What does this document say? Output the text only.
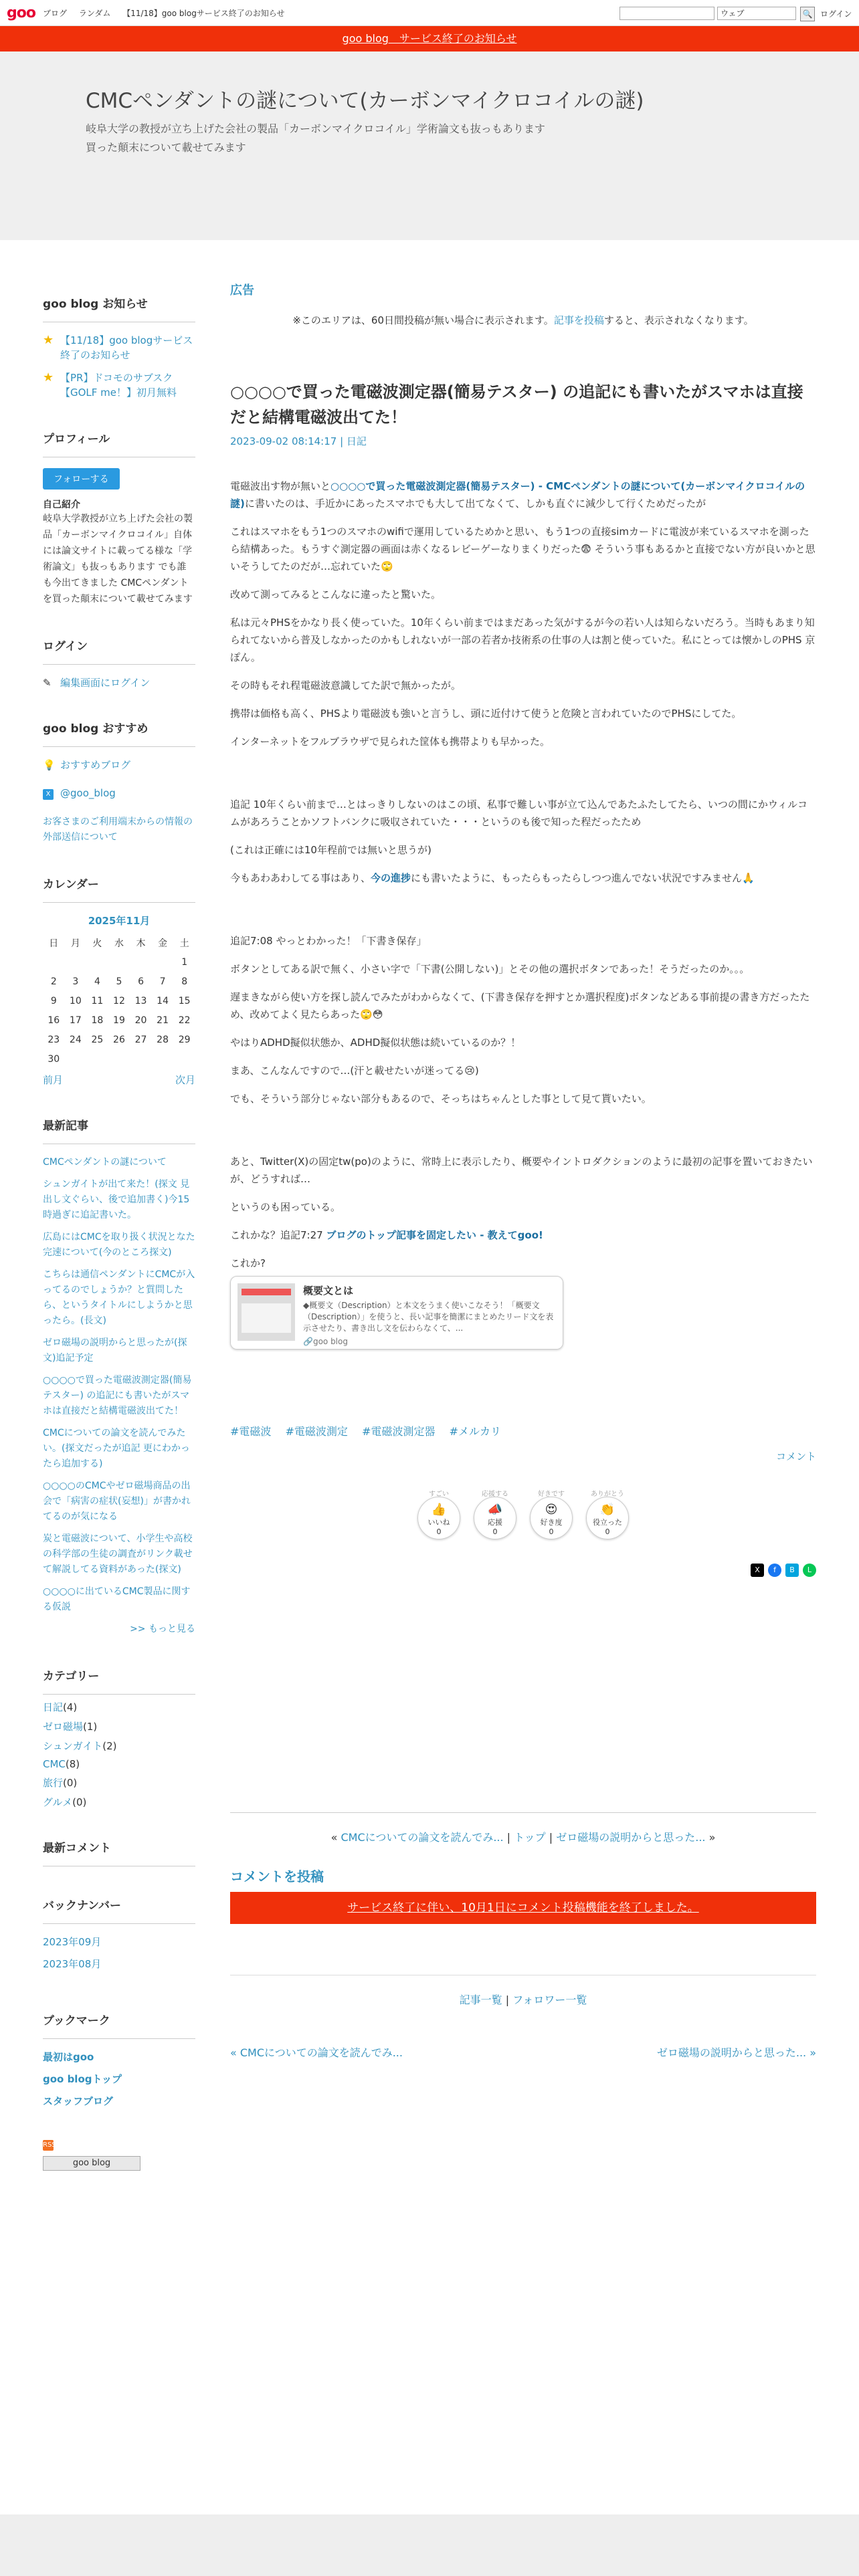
goo ブログ ランダム 【11/18】goo blogサービス終了のお知らせ	ウェブ	🔍 ログイン
goo blog　サービス終了のお知らせ
CMCペンダントの謎について(カーボンマイクロコイルの謎)
岐阜大学の教授が立ち上げた会社の製品「カーボンマイクロコイル」学術論文も抜っもあります
買った顛末について載せてみます
goo blog お知らせ
★ 【11/18】goo blogサービス終了のお知らせ
★ 【PR】ドコモのサブスク【GOLF me！】初月無料
プロフィール
フォローする
自己紹介
岐阜大学教授が立ち上げた会社の製品「カーボンマイクロコイル」自体には論文サイトに載ってる様な「学術論文」も抜っもあります でも誰も今出てきました CMCペンダントを買った顛末について載せてみます
ログイン
✎ 編集画面にログイン
goo blog おすすめ
💡 おすすめブログ
X @goo_blog
お客さまのご利用端末からの情報の外部送信について
カレンダー
2025年11月
日	月	火	水	木	金	土
						1
2	3	4	5	6	7	8
9	10	11	12	13	14	15
16	17	18	19	20	21	22
23	24	25	26	27	28	29
30						
前月	次月
最新記事
CMCペンダントの謎について
シュンガイトが出て来た！(探文 見出し文ぐらい、後で追加書く)今15時過ぎに追記書いた。
広島にはCMCを取り扱く状況となた完速について(今のところ探文)
こちらは通信ペンダントにCMCが入ってるのでしょうか？と質問したら、というタイトルにしようかと思ったら。(長文)
ゼロ磁場の説明からと思ったが(探文)追記予定
○○○○で買った電磁波測定器(簡易テスター) の追記にも書いたがスマホは直接だと結構電磁波出てた！
CMCについての論文を読んでみたい。(探文だったが追記 更にわかったら追加する)
○○○○のCMCやゼロ磁場商品の出会で「病害の症状(妄想)」が書かれてるのが気になる
炭と電磁波について、小学生や高校の科学部の生徒の調査がリンク載せて解説してる資料があった(探文)
○○○○に出ているCMC製品に関する仮説
>> もっと見る
カテゴリー
日記(4)
ゼロ磁場(1)
シュンガイト(2)
CMC(8)
旅行(0)
グルメ(0)
最新コメント
バックナンバー
2023年09月
2023年08月
ブックマーク
最初はgoo
goo blogトップ
スタッフブログ
RSS
goo blog
広告
※このエリアは、60日間投稿が無い場合に表示されます。記事を投稿すると、表示されなくなります。
○○○○で買った電磁波測定器(簡易テスター) の追記にも書いたがスマホは直接だと結構電磁波出てた！
2023-09-02 08:14:17 | 日記

電磁波出す物が無いと○○○○で買った電磁波測定器(簡易テスター) - CMCペンダントの謎について(カーボンマイクロコイルの謎)に書いたのは、手近かにあったスマホでも大して出てなくて、しかも直ぐに減少して行くためだったが

これはスマホをもう1つのスマホのwifiで運用しているためかと思い、もう1つの直接simカードに電波が来ているスマホを測ったら結構あった。もうすぐ測定器の画面は赤くなるレビーゲーなりまくりだった😨 そういう事もあるかと直接でない方が良いかと思いそうしてたのだが…忘れていた🙄

改めて測ってみるとこんなに違ったと驚いた。

私は元々PHSをかなり長く使っていた。10年くらい前まではまだあった気がするが今の若い人は知らないだろう。当時もあまり知られてないから普及しなかったのかもしれないが一部の若者か技術系の仕事の人は割と使っていた。私にとっては懐かしのPHS 京ぽん。

その時もそれ程電磁波意識してた訳で無かったが。

携帯は価格も高く、PHSより電磁波も強いと言うし、頭に近付けて使うと危険と言われていたのでPHSにしてた。

インターネットをフルブラウザで見られた筐体も携帯よりも早かった。

追記 10年くらい前まで…とはっきりしないのはこの頃、私事で難しい事が立て込んであたふたしてたら、いつの間にかウィルコムがあろうことかソフトバンクに吸収されていた・・・というのも後で知った程だったため

(これは正確には10年程前では無いと思うが)

今もあわあわしてる事はあり、今の進捗にも書いたように、もったらもったらしつつ進んでない状況ですみません🙏

追記7:08 やっとわかった！「下書き保存」

ボタンとしてある訳で無く、小さい字で「下書(公開しない)」とその他の選択ボタンであった！そうだったのか。。。

遅まきながら使い方を探し読んでみたがわからなくて、(下書き保存を押すとか選択程度)ボタンなどある事前提の書き方だったため、改めてよく見たらあった🙄😳

やはりADHD擬似状態か、ADHD擬似状態は続いているのか？！

まあ、こんなんですので…(汗と載せたいが迷ってる😢)

でも、そういう部分じゃない部分もあるので、そっちはちゃんとした事として見て貰いたい。

あと、Twitter(X)の固定tw(po)のように、常時上に表示したり、概要やイントロダクションのように最初の記事を置いておきたいが、どうすれば…

というのも困っている。

これかな？追記7:27 ブログのトップ記事を固定したい - 教えてgoo!

これか?

概要文とは
◆概要文（Description）と本文をうまく使いこなそう！「概要文（Description）」を使うと、長い記事を簡潔にまとめたリード文を表示させたり、書き出し文を伝わらなくて、...
🔗goo blog
#電磁波 #電磁波測定 #電磁波測定器 #メルカリ
コメント
すごい
👍
いいね
0
応援する
📣
応援
0
好きです
😍
好き度
0
ありがとう
👏
役立った
0
X	f	B	L
« CMCについての論文を読んでみ... | トップ | ゼロ磁場の説明からと思った... »
コメントを投稿
サービス終了に伴い、10月1日にコメント投稿機能を終了しました。
記事一覧 | フォロワー一覧
« CMCについての論文を読んでみ...	ゼロ磁場の説明からと思った... »
